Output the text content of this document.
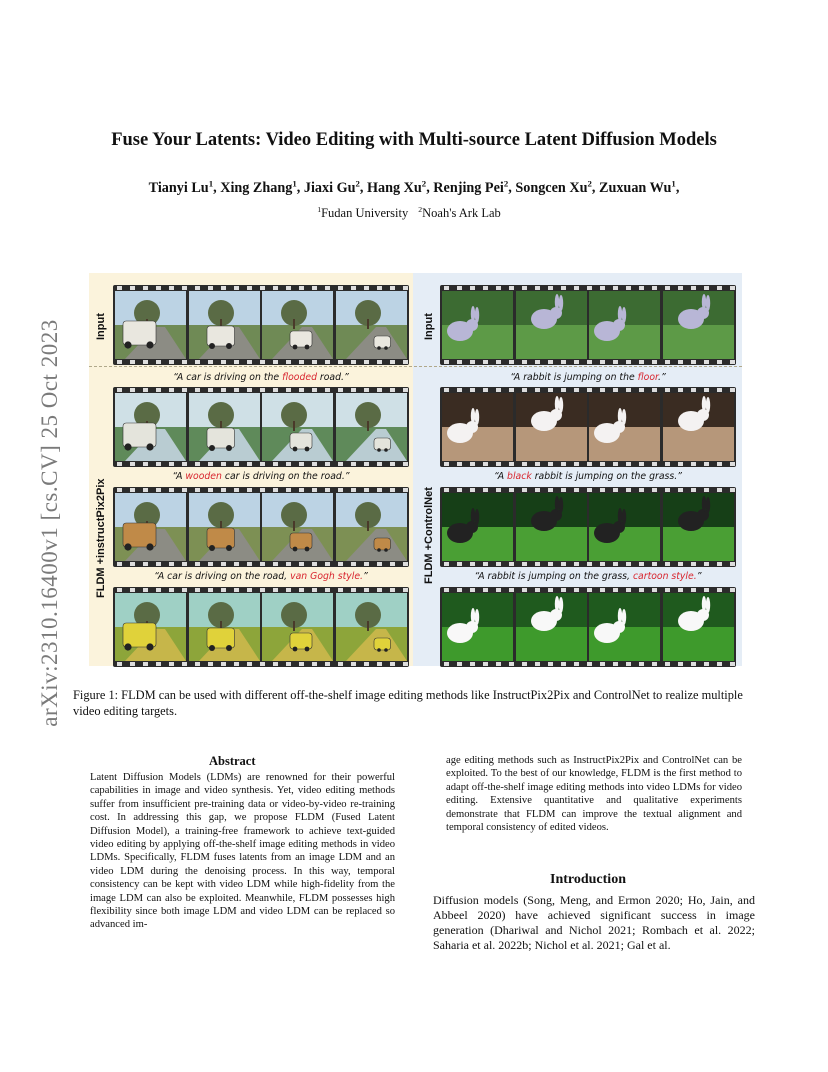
arXiv:2310.16400v1 [cs.CV] 25 Oct 2023
Fuse Your Latents: Video Editing with Multi-source Latent Diffusion Models
Tianyi Lu$^1$, Xing Zhang$^1$, Jiaxi Gu$^2$, Hang Xu$^2$, Renjing Pei$^2$, Songcen Xu$^2$, Zuxuan Wu$^1$,
$^1$Fudan University $^2$Noah's Ark Lab
Input
FLDM +instructPix2Pix
Input
FLDM +ControlNet
“A car is driving on the flooded road.”
“A wooden car is driving on the road.”
“A car is driving on the road, van Gogh style.”
“A rabbit is jumping on the floor.”
“A black rabbit is jumping on the grass.”
“A rabbit is jumping on the grass, cartoon style.”
Figure 1: FLDM can be used with different off-the-shelf image editing methods like InstructPix2Pix and ControlNet to realize multiple video editing targets.
Abstract
Latent Diffusion Models (LDMs) are renowned for their powerful capabilities in image and video synthesis. Yet, video editing methods suffer from insufficient pre-training data or video-by-video re-training cost. In addressing this gap, we propose FLDM (Fused Latent Diffusion Model), a training-free framework to achieve text-guided video editing by applying off-the-shelf image editing methods in video LDMs. Specifically, FLDM fuses latents from an image LDM and an video LDM during the denoising process. In this way, temporal consistency can be kept with video LDM while high-fidelity from the image LDM can also be exploited. Meanwhile, FLDM possesses high flexibility since both image LDM and video LDM can be replaced so advanced im-
age editing methods such as InstructPix2Pix and ControlNet can be exploited. To the best of our knowledge, FLDM is the first method to adapt off-the-shelf image editing methods into video LDMs for video editing. Extensive quantitative and qualitative experiments demonstrate that FLDM can improve the textual alignment and temporal consistency of edited videos.
Introduction
Diffusion models (Song, Meng, and Ermon 2020; Ho, Jain, and Abbeel 2020) have achieved significant success in image generation (Dhariwal and Nichol 2021; Rombach et al. 2022; Saharia et al. 2022b; Nichol et al. 2021; Gal et al.
